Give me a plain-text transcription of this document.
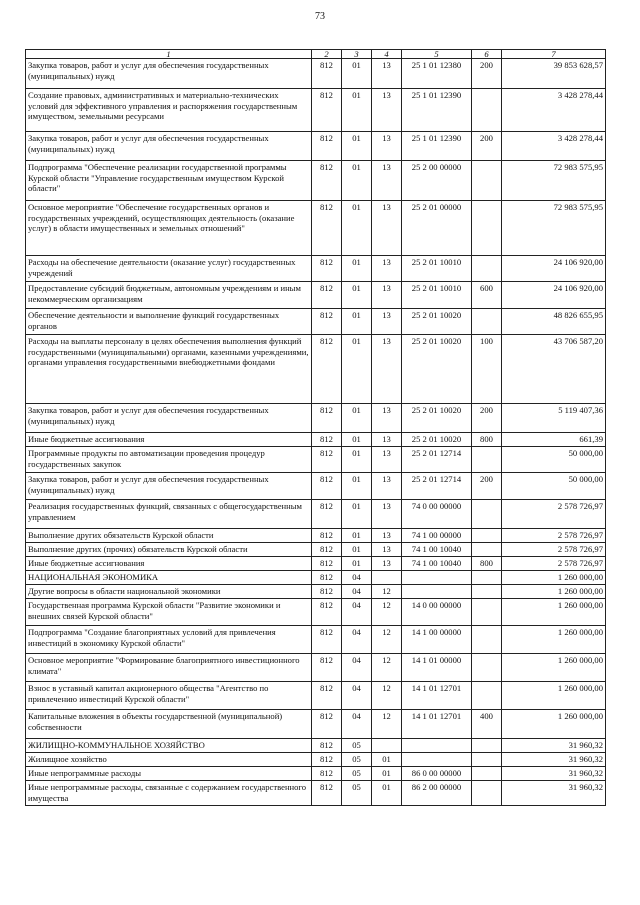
73
1	2	3	4	5	6	7
Закупка товаров, работ и услуг для обеспечения государственных (муниципальных) нужд	812	01	13	25 1 01 12380	200	39 853 628,57
Создание правовых, административных и материально-технических условий для эффективного управления и распоряжения государственным имуществом, земельными ресурсами	812	01	13	25 1 01 12390		3 428 278,44
Закупка товаров, работ и услуг для обеспечения государственных (муниципальных) нужд	812	01	13	25 1 01 12390	200	3 428 278,44
Подпрограмма "Обеспечение реализации государственной программы Курской области "Управление государственным имуществом Курской области"	812	01	13	25 2 00 00000		72 983 575,95
Основное мероприятие "Обеспечение государственных органов и государственных учреждений, осуществляющих деятельность (оказание услуг) в области имущественных и земельных отношений"	812	01	13	25 2 01 00000		72 983 575,95
Расходы на обеспечение деятельности (оказание услуг) государственных учреждений	812	01	13	25 2 01 10010		24 106 920,00
Предоставление субсидий бюджетным, автономным учреждениям и иным некоммерческим организациям	812	01	13	25 2 01 10010	600	24 106 920,00
Обеспечение деятельности и выполнение функций государственных органов	812	01	13	25 2 01 10020		48 826 655,95
Расходы на выплаты персоналу в целях обеспечения выполнения функций государственными (муниципальными) органами, казенными учреждениями, органами управления государственными внебюджетными фондами	812	01	13	25 2 01 10020	100	43 706 587,20
Закупка товаров, работ и услуг для обеспечения государственных (муниципальных) нужд	812	01	13	25 2 01 10020	200	5 119 407,36
Иные бюджетные ассигнования	812	01	13	25 2 01 10020	800	661,39
Программные продукты по автоматизации проведения процедур государственных закупок	812	01	13	25 2 01 12714		50 000,00
Закупка товаров, работ и услуг для обеспечения государственных (муниципальных) нужд	812	01	13	25 2 01 12714	200	50 000,00
Реализация государственных функций, связанных с общегосударственным управлением	812	01	13	74 0 00 00000		2 578 726,97
Выполнение других обязательств Курской области	812	01	13	74 1 00 00000		2 578 726,97
Выполнение других (прочих) обязательств Курской области	812	01	13	74 1 00 10040		2 578 726,97
Иные бюджетные ассигнования	812	01	13	74 1 00 10040	800	2 578 726,97
НАЦИОНАЛЬНАЯ ЭКОНОМИКА	812	04				1 260 000,00
Другие вопросы в области национальной экономики	812	04	12			1 260 000,00
Государственная программа Курской области "Развитие экономики и внешних связей Курской области"	812	04	12	14 0 00 00000		1 260 000,00
Подпрограмма "Создание благоприятных условий для привлечения инвестиций в экономику Курской области"	812	04	12	14 1 00 00000		1 260 000,00
Основное мероприятие "Формирование благоприятного инвестиционного климата"	812	04	12	14 1 01 00000		1 260 000,00
Взнос в уставный капитал акционерного общества "Агентство по привлечению инвестиций Курской области"	812	04	12	14 1 01 12701		1 260 000,00
Капитальные вложения в объекты государственной (муниципальной) собственности	812	04	12	14 1 01 12701	400	1 260 000,00
ЖИЛИЩНО-КОММУНАЛЬНОЕ ХОЗЯЙСТВО	812	05				31 960,32
Жилищное хозяйство	812	05	01			31 960,32
Иные непрограммные расходы	812	05	01	86 0 00 00000		31 960,32
Иные непрограммные расходы, связанные с содержанием государственного имущества	812	05	01	86 2 00 00000		31 960,32
